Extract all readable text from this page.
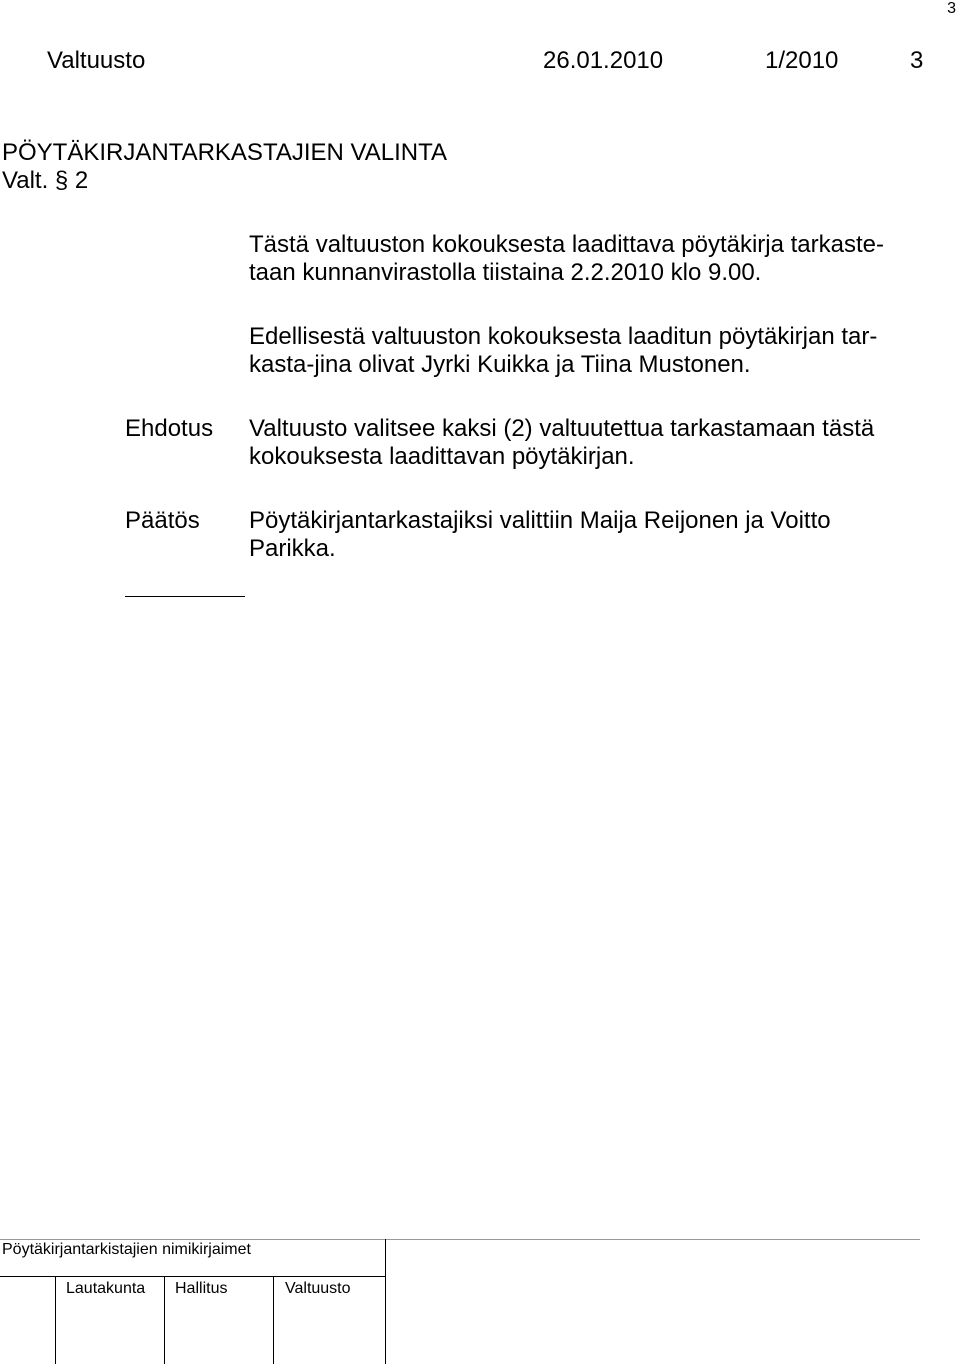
3
Valtuusto	26.01.2010	1/2010	3
PÖYTÄKIRJANTARKASTAJIEN VALINTA
Valt. § 2
Tästä valtuuston kokouksesta laadittava pöytäkirja tarkaste-
taan kunnanvirastolla tiistaina 2.2.2010 klo 9.00.
Edellisestä valtuuston kokouksesta laaditun pöytäkirjan tar-
kasta-jina olivat Jyrki Kuikka ja Tiina Mustonen.
Ehdotus Valtuusto valitsee kaksi (2) valtuutettua tarkastamaan tästä
kokouksesta laadittavan pöytäkirjan.
Päätös Pöytäkirjantarkastajiksi valittiin Maija Reijonen ja Voitto
Parikka.
Pöytäkirjantarkistajien nimikirjaimet
Lautakunta Hallitus	Valtuusto
